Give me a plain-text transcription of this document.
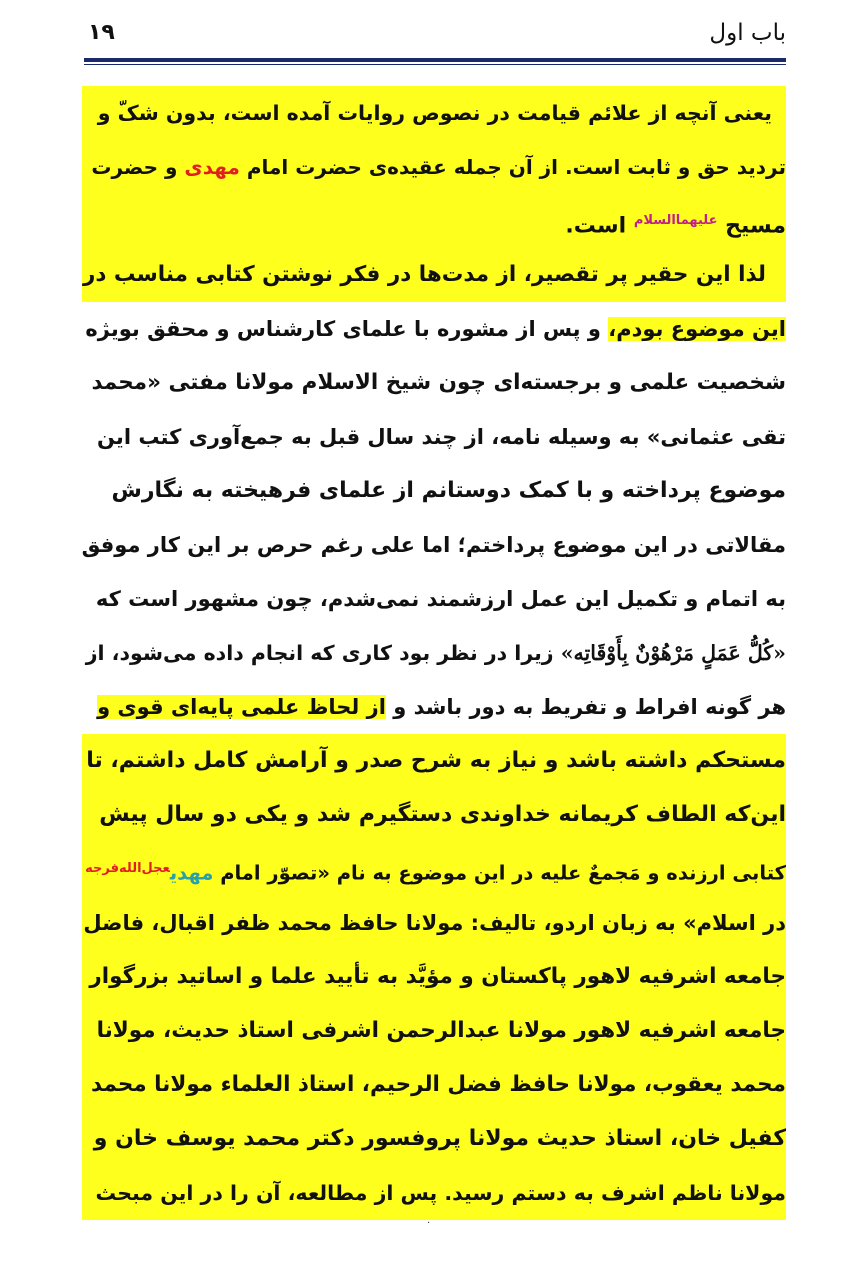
باب اول
۱۹
یعنی آنچه از علائم قیامت در نصوص روایات آمده است، بدون شکّ و
تردید حق و ثابت است. از آن جمله عقیده‌ی حضرت امام مهدی و حضرت
مسیح $^{علیهما‌السلام}$ است.
لذا این حقیر پر تقصیر، از مدت‌ها در فکر نوشتن کتابی مناسب در
این موضوع بودم، و پس از مشوره با علمای کارشناس و محقق بویژه
شخصیت علمی و برجسته‌ای چون شیخ الاسلام مولانا مفتی «محمد
تقی عثمانی» به وسیله نامه، از چند سال قبل به جمع‌آوری کتب این
موضوع پرداخته و با کمک دوستانم از علمای فرهیخته به نگارش
مقالاتی در این موضوع پرداختم؛ اما علی رغم حرص بر این کار موفق
به اتمام و تکمیل این عمل ارزشمند نمی‌شدم، چون مشهور است که
«كُلُّ عَمَلٍ مَرْهُوْنٌ بِأَوْقَاتِه» زیرا در نظر بود کاری که انجام داده می‌شود، از
هر گونه افراط و تفریط به دور باشد و از لحاظ علمی پایه‌ای قوی و
مستحکم داشته باشد و نیاز به شرح صدر و آرامش کامل داشتم، تا
این‌که الطاف کریمانه خداوندی دستگیرم شد و یکی دو سال پیش
کتابی ارزنده و مَجمعٌ علیه در این موضوع به نام «تصوّر امام مهدی$^{عجل‌الله‌فرجه}$
در اسلام» به زبان اردو، تالیف: مولانا حافظ محمد ظفر اقبال، فاضل
جامعه اشرفیه لاهور پاکستان و مؤیَّد به تأیید علما و اساتید بزرگوار
جامعه اشرفیه لاهور مولانا عبدالرحمن اشرفی استاذ حدیث، مولانا
محمد یعقوب، مولانا حافظ فضل الرحیم، استاذ العلماء مولانا محمد
کفیل خان، استاذ حدیث مولانا پروفسور دکتر محمد یوسف خان و
مولانا ناظم اشرف به دستم رسید. پس از مطالعه، آن را در این مبحث
·
